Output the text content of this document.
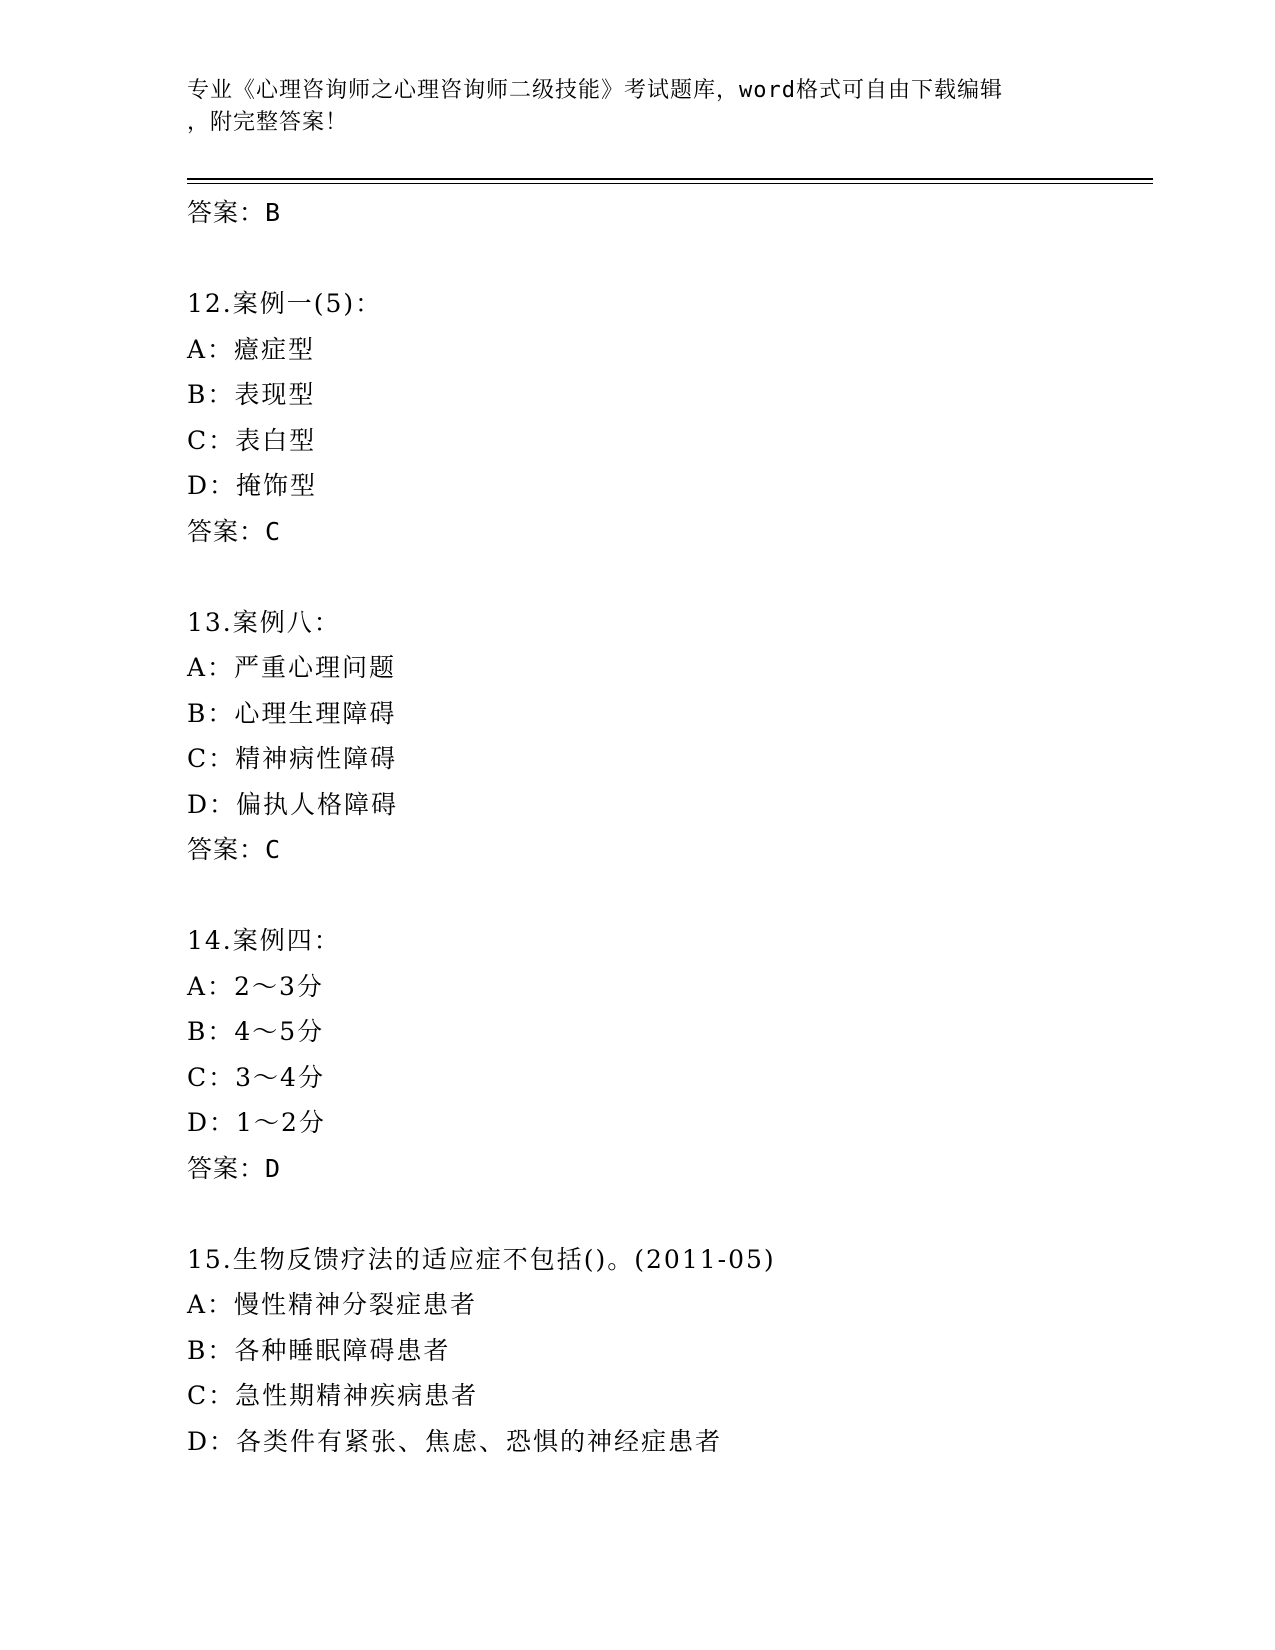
专业《心理咨询师之心理咨询师二级技能》考试题库，word格式可自由下载编辑
，附完整答案！
答案：B
12.案例一(5)：
A：癔症型
B：表现型
C：表白型
D：掩饰型
答案：C
13.案例八：
A：严重心理问题
B：心理生理障碍
C：精神病性障碍
D：偏执人格障碍
答案：C
14.案例四：
A：2～3分
B：4～5分
C：3～4分
D：1～2分
答案：D
15.生物反馈疗法的适应症不包括()。(2011-05)
A：慢性精神分裂症患者
B：各种睡眠障碍患者
C：急性期精神疾病患者
D：各类件有紧张、焦虑、恐惧的神经症患者
